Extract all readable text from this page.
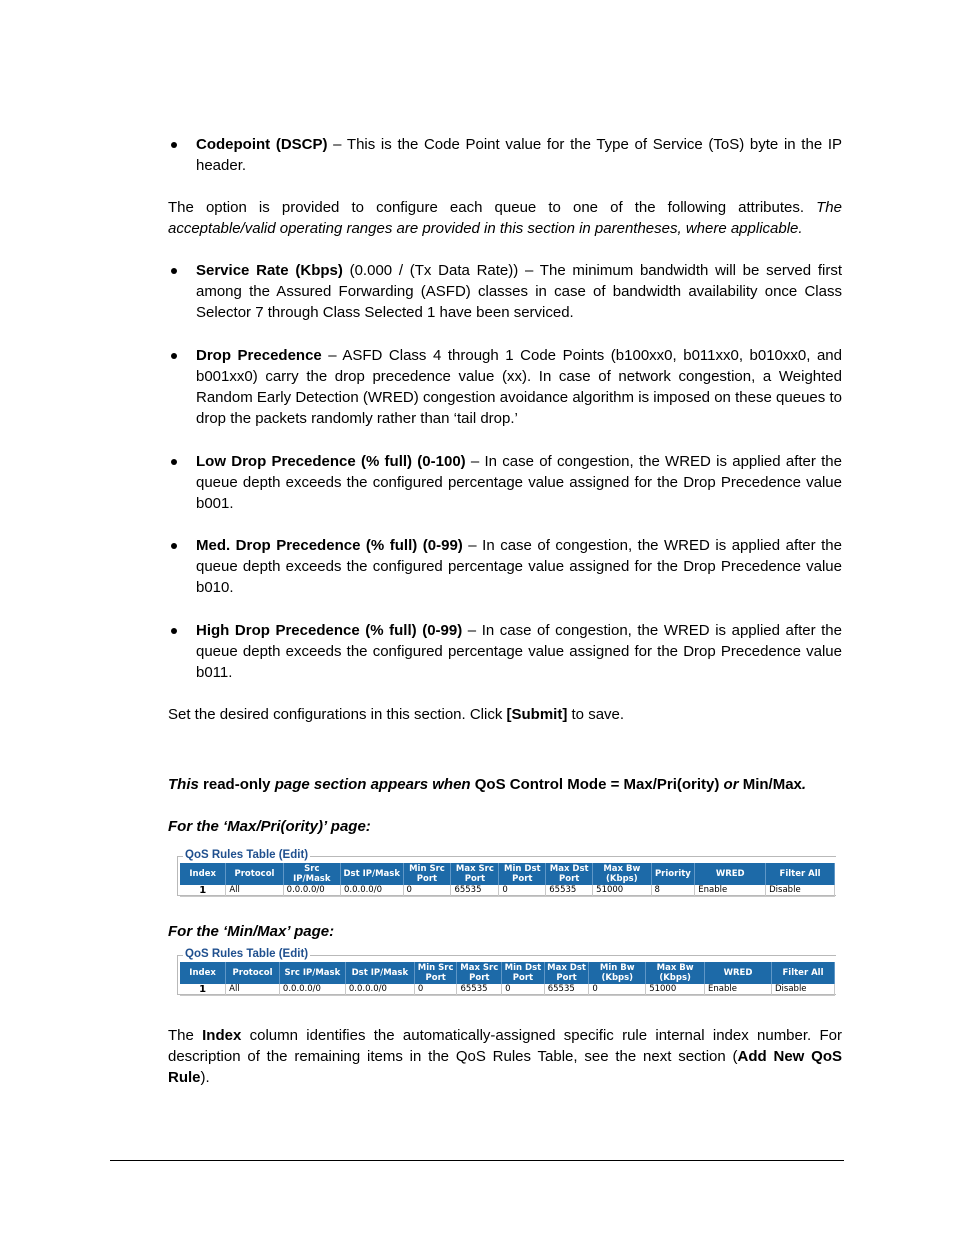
Codepoint (DSCP) – This is the Code Point value for the Type of Service (ToS) byte in the IP header.
The option is provided to configure each queue to one of the following attributes. The acceptable/valid operating ranges are provided in this section in parentheses, where applicable.
Service Rate (Kbps) (0.000 / (Tx Data Rate)) – The minimum bandwidth will be served first among the Assured Forwarding (ASFD) classes in case of bandwidth availability once Class Selector 7 through Class Selected 1 have been serviced.
Drop Precedence – ASFD Class 4 through 1 Code Points (b100xx0, b011xx0, b010xx0, and b001xx0) carry the drop precedence value (xx). In case of network congestion, a Weighted Random Early Detection (WRED) congestion avoidance algorithm is imposed on these queues to drop the packets randomly rather than ‘tail drop.’
Low Drop Precedence (% full) (0-100) – In case of congestion, the WRED is applied after the queue depth exceeds the configured percentage value assigned for the Drop Precedence value b001.
Med. Drop Precedence (% full) (0-99) – In case of congestion, the WRED is applied after the queue depth exceeds the configured percentage value assigned for the Drop Precedence value b010.
High Drop Precedence (% full) (0-99) – In case of congestion, the WRED is applied after the queue depth exceeds the configured percentage value assigned for the Drop Precedence value b011.
Set the desired configurations in this section. Click [Submit] to save.
This read-only page section appears when QoS Control Mode = Max/Pri(ority) or Min/Max.
For the ‘Max/Pri(ority)’ page:
For the ‘Min/Max’ page:
The Index column identifies the automatically-assigned specific rule internal index number. For description of the remaining items in the QoS Rules Table, see the next section (Add New QoS Rule).
QoS Rules Table (Edit)
Index	Protocol	Src IP/Mask	Dst IP/Mask	Min Src Port	Max Src Port	Min Dst Port	Max Dst Port	Max Bw (Kbps)	Priority	WRED	Filter All
1	All	0.0.0.0/0	0.0.0.0/0	0	65535	0	65535	51000	8	Enable	Disable
QoS Rules Table (Edit)
Index	Protocol	Src IP/Mask	Dst IP/Mask	Min Src Port	Max Src Port	Min Dst Port	Max Dst Port	Min Bw (Kbps)	Max Bw (Kbps)	WRED	Filter All
1	All	0.0.0.0/0	0.0.0.0/0	0	65535	0	65535	0	51000	Enable	Disable
